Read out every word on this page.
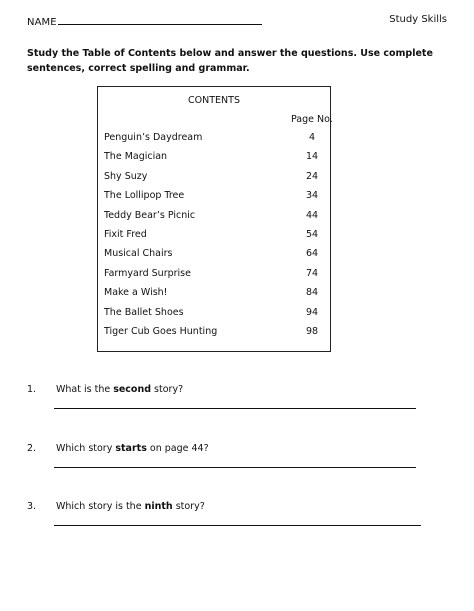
NAME	Study Skills
Study the Table of Contents below and answer the questions. Use complete sentences, correct spelling and grammar.
CONTENTS
Page No.
Penguin’s Daydream	4
The Magician	14
Shy Suzy	24
The Lollipop Tree	34
Teddy Bear’s Picnic	44
Fixit Fred	54
Musical Chairs	64
Farmyard Surprise	74
Make a Wish!	84
The Ballet Shoes	94
Tiger Cub Goes Hunting	98
1. What is the second story?
2. Which story starts on page 44?
3. Which story is the ninth story?
